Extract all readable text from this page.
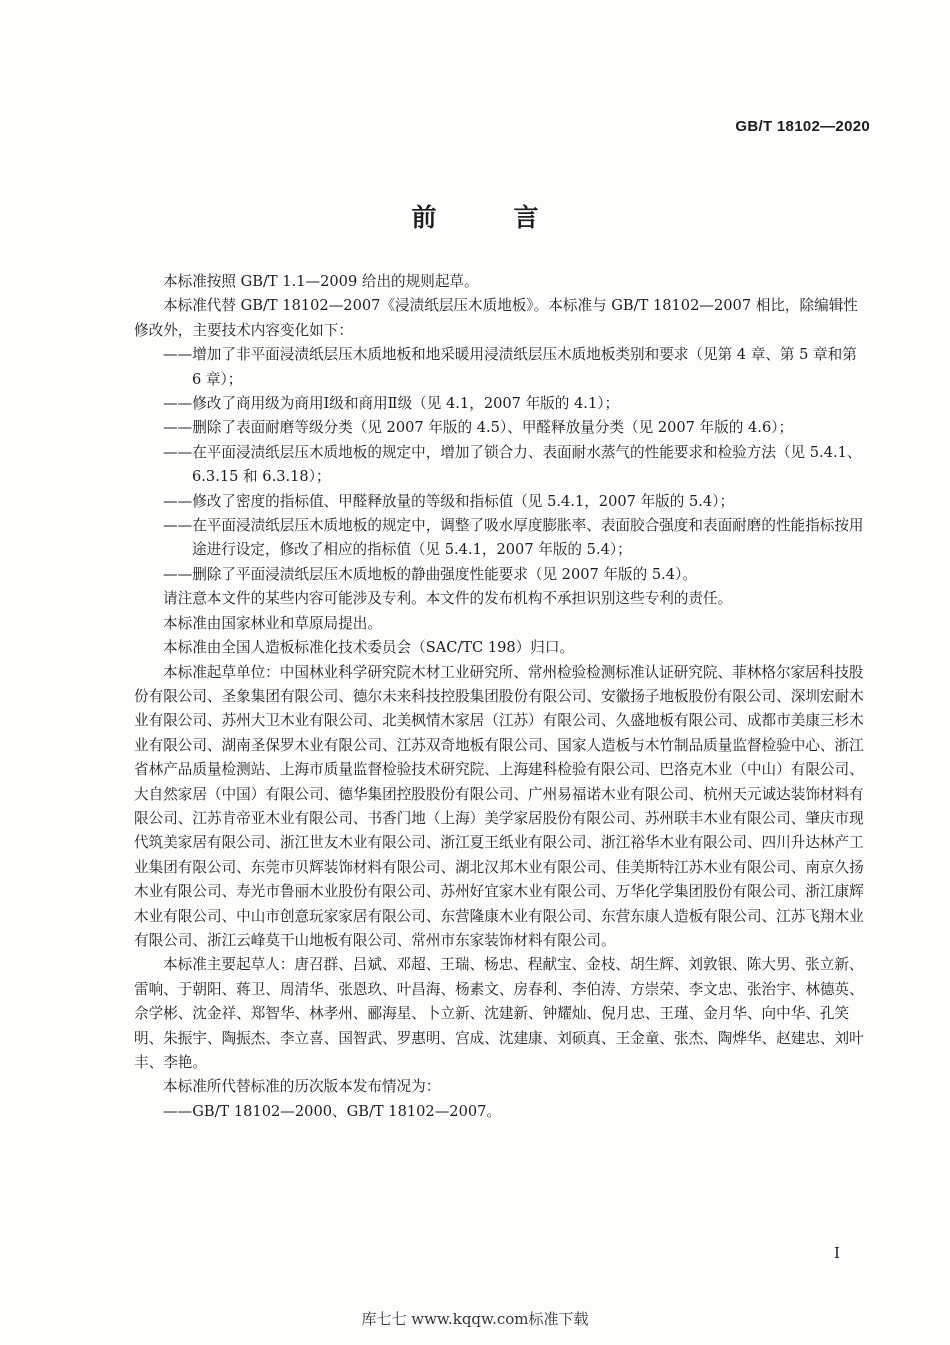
GB/T 18102—2020
前　言

本标准按照 GB/T 1.1—2009 给出的规则起草。

本标准代替 GB/T 18102—2007《浸渍纸层压木质地板》。本标准与 GB/T 18102—2007 相比，除编辑性修改外，主要技术内容变化如下：

——增加了非平面浸渍纸层压木质地板和地采暖用浸渍纸层压木质地板类别和要求（见第 4 章、第 5 章和第 6 章）；

——修改了商用级为商用Ⅰ级和商用Ⅱ级（见 4.1，2007 年版的 4.1）；

——删除了表面耐磨等级分类（见 2007 年版的 4.5）、甲醛释放量分类（见 2007 年版的 4.6）；

——在平面浸渍纸层压木质地板的规定中，增加了锁合力、表面耐水蒸气的性能要求和检验方法（见 5.4.1、6.3.15 和 6.3.18）；

——修改了密度的指标值、甲醛释放量的等级和指标值（见 5.4.1，2007 年版的 5.4）；

——在平面浸渍纸层压木质地板的规定中，调整了吸水厚度膨胀率、表面胶合强度和表面耐磨的性能指标按用途进行设定，修改了相应的指标值（见 5.4.1，2007 年版的 5.4）；

——删除了平面浸渍纸层压木质地板的静曲强度性能要求（见 2007 年版的 5.4）。

请注意本文件的某些内容可能涉及专利。本文件的发布机构不承担识别这些专利的责任。

本标准由国家林业和草原局提出。

本标准由全国人造板标准化技术委员会（SAC/TC 198）归口。

本标准起草单位：中国林业科学研究院木材工业研究所、常州检验检测标准认证研究院、菲林格尔家居科技股份有限公司、圣象集团有限公司、德尔未来科技控股集团股份有限公司、安徽扬子地板股份有限公司、深圳宏耐木业有限公司、苏州大卫木业有限公司、北美枫情木家居（江苏）有限公司、久盛地板有限公司、成都市美康三杉木业有限公司、湖南圣保罗木业有限公司、江苏双奇地板有限公司、国家人造板与木竹制品质量监督检验中心、浙江省林产品质量检测站、上海市质量监督检验技术研究院、上海建科检验有限公司、巴洛克木业（中山）有限公司、大自然家居（中国）有限公司、德华集团控股股份有限公司、广州易福诺木业有限公司、杭州天元诚达装饰材料有限公司、江苏肯帝亚木业有限公司、书香门地（上海）美学家居股份有限公司、苏州联丰木业有限公司、肇庆市现代筑美家居有限公司、浙江世友木业有限公司、浙江夏王纸业有限公司、浙江裕华木业有限公司、四川升达林产工业集团有限公司、东莞市贝辉装饰材料有限公司、湖北汉邦木业有限公司、佳美斯特江苏木业有限公司、南京久扬木业有限公司、寿光市鲁丽木业股份有限公司、苏州好宜家木业有限公司、万华化学集团股份有限公司、浙江康辉木业有限公司、中山市创意玩家家居有限公司、东营隆康木业有限公司、东营东康人造板有限公司、江苏飞翔木业有限公司、浙江云峰莫干山地板有限公司、常州市东家装饰材料有限公司。

本标准主要起草人：唐召群、吕斌、邓超、王瑞、杨忠、程献宝、金枝、胡生辉、刘敦银、陈大男、张立新、雷响、于朝阳、蒋卫、周清华、张恩玖、叶昌海、杨素文、房春利、李伯涛、方崇荣、李文忠、张治宇、林德英、佘学彬、沈金祥、郑智华、林孝州、郦海星、卜立新、沈建新、钟耀灿、倪月忠、王瑾、金月华、向中华、孔笑明、朱振宇、陶振杰、李立喜、国智武、罗惠明、宫成、沈建康、刘硕真、王金童、张杰、陶烨华、赵建忠、刘叶丰、李艳。

本标准所代替标准的历次版本发布情况为：

——GB/T 18102—2000、GB/T 18102—2007。

I
库七七 www.kqqw.com标准下载
